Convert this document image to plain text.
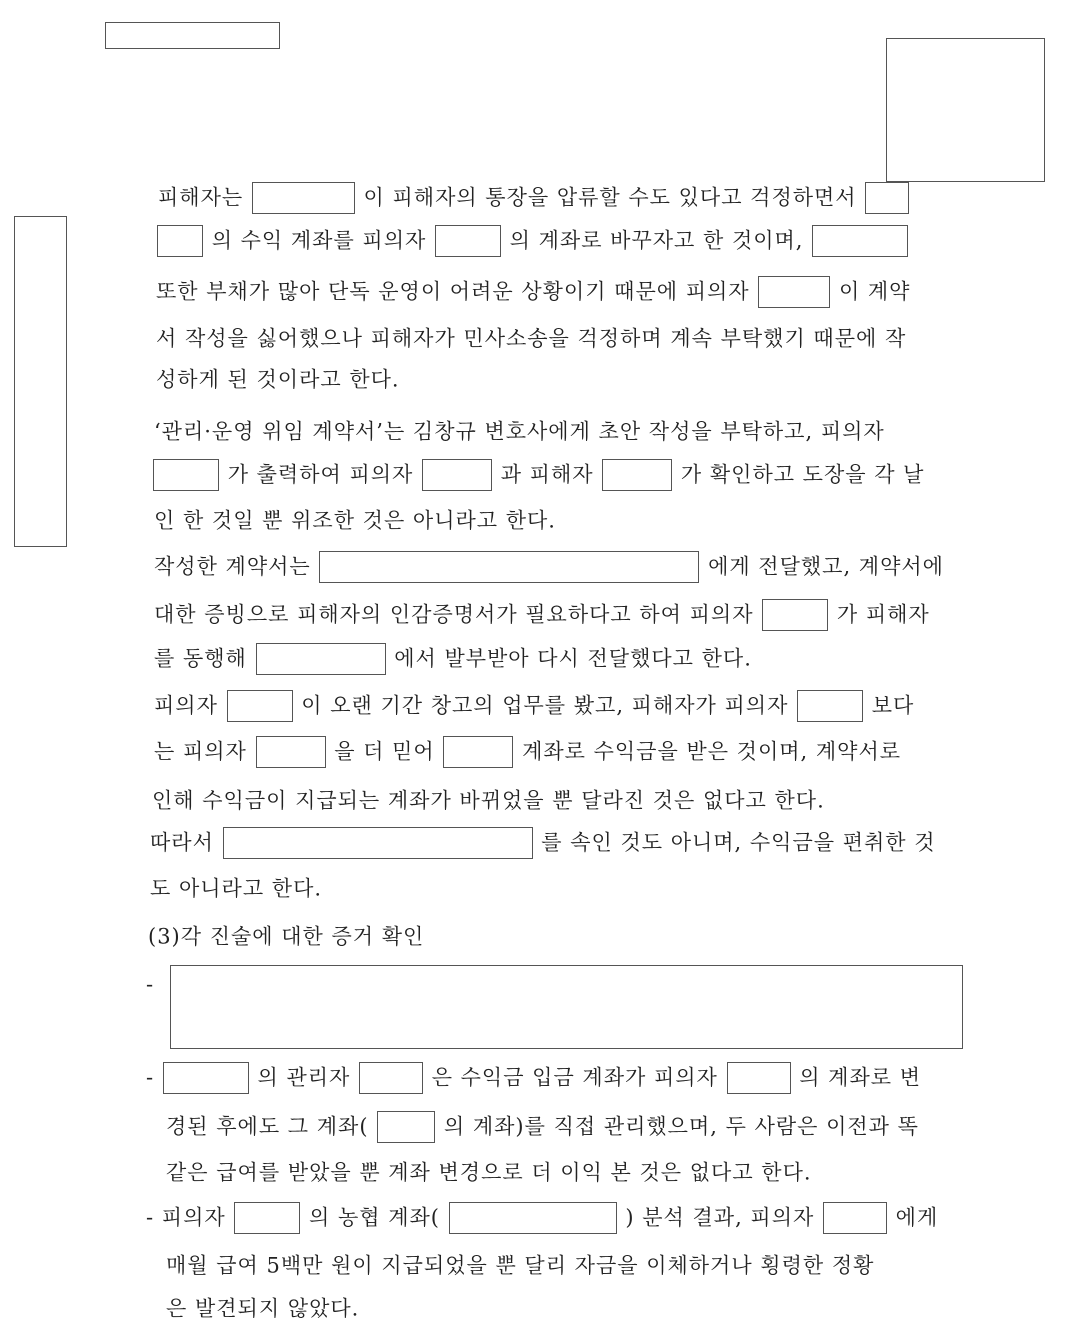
피해자는	이 피해자의 통장을 압류할 수도 있다고 걱정하면서
의 수익 계좌를 피의자	의 계좌로 바꾸자고 한 것이며,
또한 부채가 많아 단독 운영이 어려운 상황이기 때문에 피의자	이 계약
서 작성을 싫어했으나 피해자가 민사소송을 걱정하며 계속 부탁했기 때문에 작
성하게 된 것이라고 한다.
‘관리·운영 위임 계약서’는 김창규 변호사에게 초안 작성을 부탁하고, 피의자
가 출력하여 피의자	과 피해자	가 확인하고 도장을 각 날
인 한 것일 뿐 위조한 것은 아니라고 한다.
작성한 계약서는	에게 전달했고, 계약서에
대한 증빙으로 피해자의 인감증명서가 필요하다고 하여 피의자	가 피해자
를 동행해	에서 발부받아 다시 전달했다고 한다.
피의자	이 오랜 기간 창고의 업무를 봤고, 피해자가 피의자	보다
는 피의자	을 더 믿어	계좌로 수익금을 받은 것이며, 계약서로
인해 수익금이 지급되는 계좌가 바뀌었을 뿐 달라진 것은 없다고 한다.
따라서	를 속인 것도 아니며, 수익금을 편취한 것
도 아니라고 한다.
(3)각 진술에 대한 증거 확인
-
-	의 관리자	은 수익금 입금 계좌가 피의자	의 계좌로 변
경된 후에도 그 계좌(	의 계좌)를 직접 관리했으며, 두 사람은 이전과 똑
같은 급여를 받았을 뿐 계좌 변경으로 더 이익 본 것은 없다고 한다.
- 피의자	의 농협 계좌(	) 분석 결과, 피의자	에게
매월 급여 5백만 원이 지급되었을 뿐 달리 자금을 이체하거나 횡령한 정황
은 발견되지 않았다.
